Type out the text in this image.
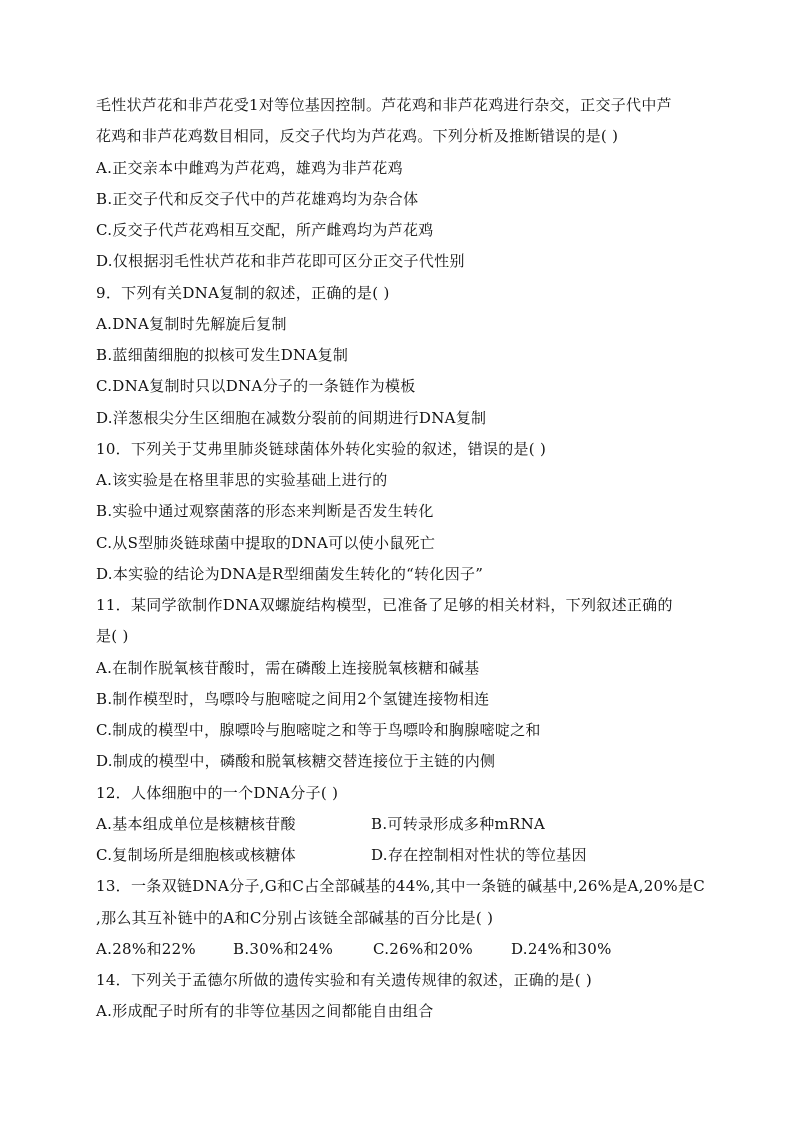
毛性状芦花和非芦花受1对等位基因控制。芦花鸡和非芦花鸡进行杂交，正交子代中芦
花鸡和非芦花鸡数目相同，反交子代均为芦花鸡。下列分析及推断错误的是( )
A.正交亲本中雌鸡为芦花鸡，雄鸡为非芦花鸡
B.正交子代和反交子代中的芦花雄鸡均为杂合体
C.反交子代芦花鸡相互交配，所产雌鸡均为芦花鸡
D.仅根据羽毛性状芦花和非芦花即可区分正交子代性别
9．下列有关DNA复制的叙述，正确的是( )
A.DNA复制时先解旋后复制
B.蓝细菌细胞的拟核可发生DNA复制
C.DNA复制时只以DNA分子的一条链作为模板
D.洋葱根尖分生区细胞在减数分裂前的间期进行DNA复制
10．下列关于艾弗里肺炎链球菌体外转化实验的叙述，错误的是( )
A.该实验是在格里菲思的实验基础上进行的
B.实验中通过观察菌落的形态来判断是否发生转化
C.从S型肺炎链球菌中提取的DNA可以使小鼠死亡
D.本实验的结论为DNA是R型细菌发生转化的“转化因子”
11．某同学欲制作DNA双螺旋结构模型，已准备了足够的相关材料，下列叙述正确的
是( )
A.在制作脱氧核苷酸时，需在磷酸上连接脱氧核糖和碱基
B.制作模型时，鸟嘌呤与胞嘧啶之间用2个氢键连接物相连
C.制成的模型中，腺嘌呤与胞嘧啶之和等于鸟嘌呤和胸腺嘧啶之和
D.制成的模型中，磷酸和脱氧核糖交替连接位于主链的内侧
12．人体细胞中的一个DNA分子( )
A.基本组成单位是核糖核苷酸	B.可转录形成多种mRNA
C.复制场所是细胞核或核糖体	D.存在控制相对性状的等位基因
13．一条双链DNA分子,G和C占全部碱基的44%,其中一条链的碱基中,26%是A,20%是C
,那么其互补链中的A和C分别占该链全部碱基的百分比是( )
A.28%和22%	B.30%和24%	C.26%和20%	D.24%和30%
14．下列关于孟德尔所做的遗传实验和有关遗传规律的叙述，正确的是( )
A.形成配子时所有的非等位基因之间都能自由组合
